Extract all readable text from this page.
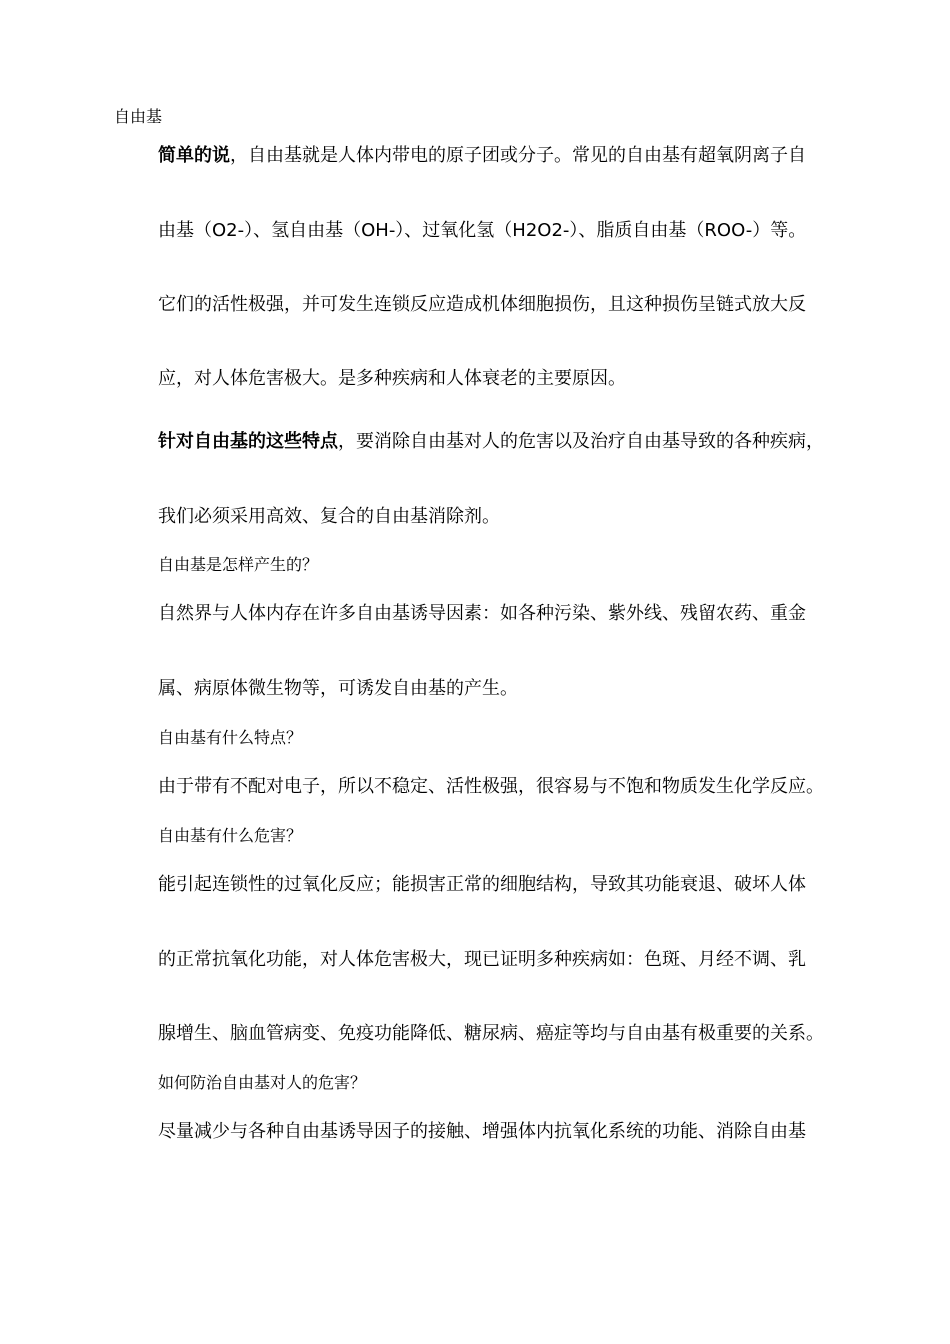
自由基

简单的说，自由基就是人体内带电的原子团或分子。常见的自由基有超氧阴离子自

由基（O2-）、氢自由基（OH-）、过氧化氢（H2O2-）、脂质自由基（ROO-）等。

它们的活性极强，并可发生连锁反应造成机体细胞损伤，且这种损伤呈链式放大反

应，对人体危害极大。是多种疾病和人体衰老的主要原因。

针对自由基的这些特点，要消除自由基对人的危害以及治疗自由基导致的各种疾病，

我们必须采用高效、复合的自由基消除剂。

自由基是怎样产生的？

自然界与人体内存在许多自由基诱导因素：如各种污染、紫外线、残留农药、重金

属、病原体微生物等，可诱发自由基的产生。

自由基有什么特点？

由于带有不配对电子，所以不稳定、活性极强，很容易与不饱和物质发生化学反应。

自由基有什么危害？

能引起连锁性的过氧化反应；能损害正常的细胞结构，导致其功能衰退、破坏人体

的正常抗氧化功能，对人体危害极大，现已证明多种疾病如：色斑、月经不调、乳

腺增生、脑血管病变、免疫功能降低、糖尿病、癌症等均与自由基有极重要的关系。

如何防治自由基对人的危害？

尽量减少与各种自由基诱导因子的接触、增强体内抗氧化系统的功能、消除自由基
